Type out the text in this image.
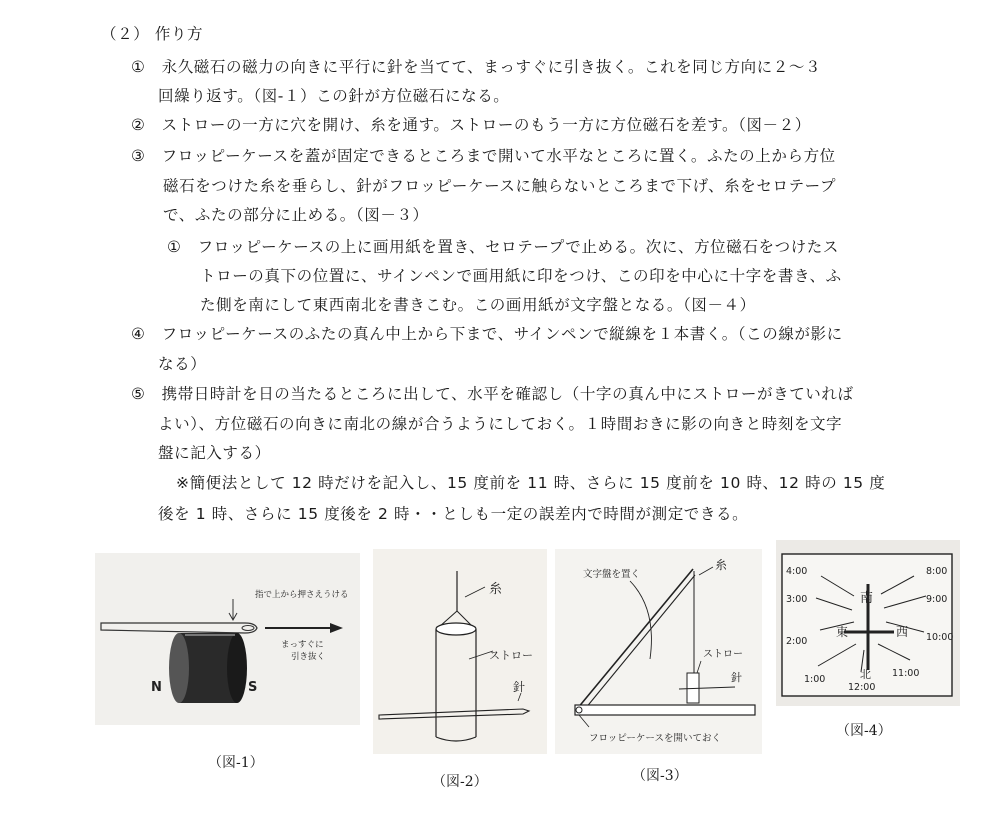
（２） 作り方
①　永久磁石の磁力の向きに平行に針を当てて、まっすぐに引き抜く。これを同じ方向に２～３
回繰り返す。（図-１）この針が方位磁石になる。
②　ストローの一方に穴を開け、糸を通す。ストローのもう一方に方位磁石を差す。（図－２）
③　フロッピーケースを蓋が固定できるところまで開いて水平なところに置く。ふたの上から方位
磁石をつけた糸を垂らし、針がフロッピーケースに触らないところまで下げ、糸をセロテープ
で、ふたの部分に止める。（図－３）
①　フロッピーケースの上に画用紙を置き、セロテープで止める。次に、方位磁石をつけたス
トローの真下の位置に、サインペンで画用紙に印をつけ、この印を中心に十字を書き、ふ
た側を南にして東西南北を書きこむ。この画用紙が文字盤となる。（図－４）
④　フロッピーケースのふたの真ん中上から下まで、サインペンで縦線を１本書く。（この線が影に
なる）
⑤　携帯日時計を日の当たるところに出して、水平を確認し（十字の真ん中にストローがきていれば
よい）、方位磁石の向きに南北の線が合うようにしておく。１時間おきに影の向きと時刻を文字
盤に記入する）
※簡便法として 12 時だけを記入し、15 度前を 11 時、さらに 15 度前を 10 時、12 時の 15 度
後を 1 時、さらに 15 度後を 2 時・・としも一定の誤差内で時間が測定できる。
指で上から押さえうける
まっすぐに
引き抜く
N	S
（図-1）
糸
ストロー
針
（図-2）
文字盤を置く
糸
ストロー
針
フロッピーケースを開いておく
（図-3）
南
東	西
北
4:00
3:00
2:00
1:00
8:00
9:00
10:00
11:00
12:00
（図-4）
